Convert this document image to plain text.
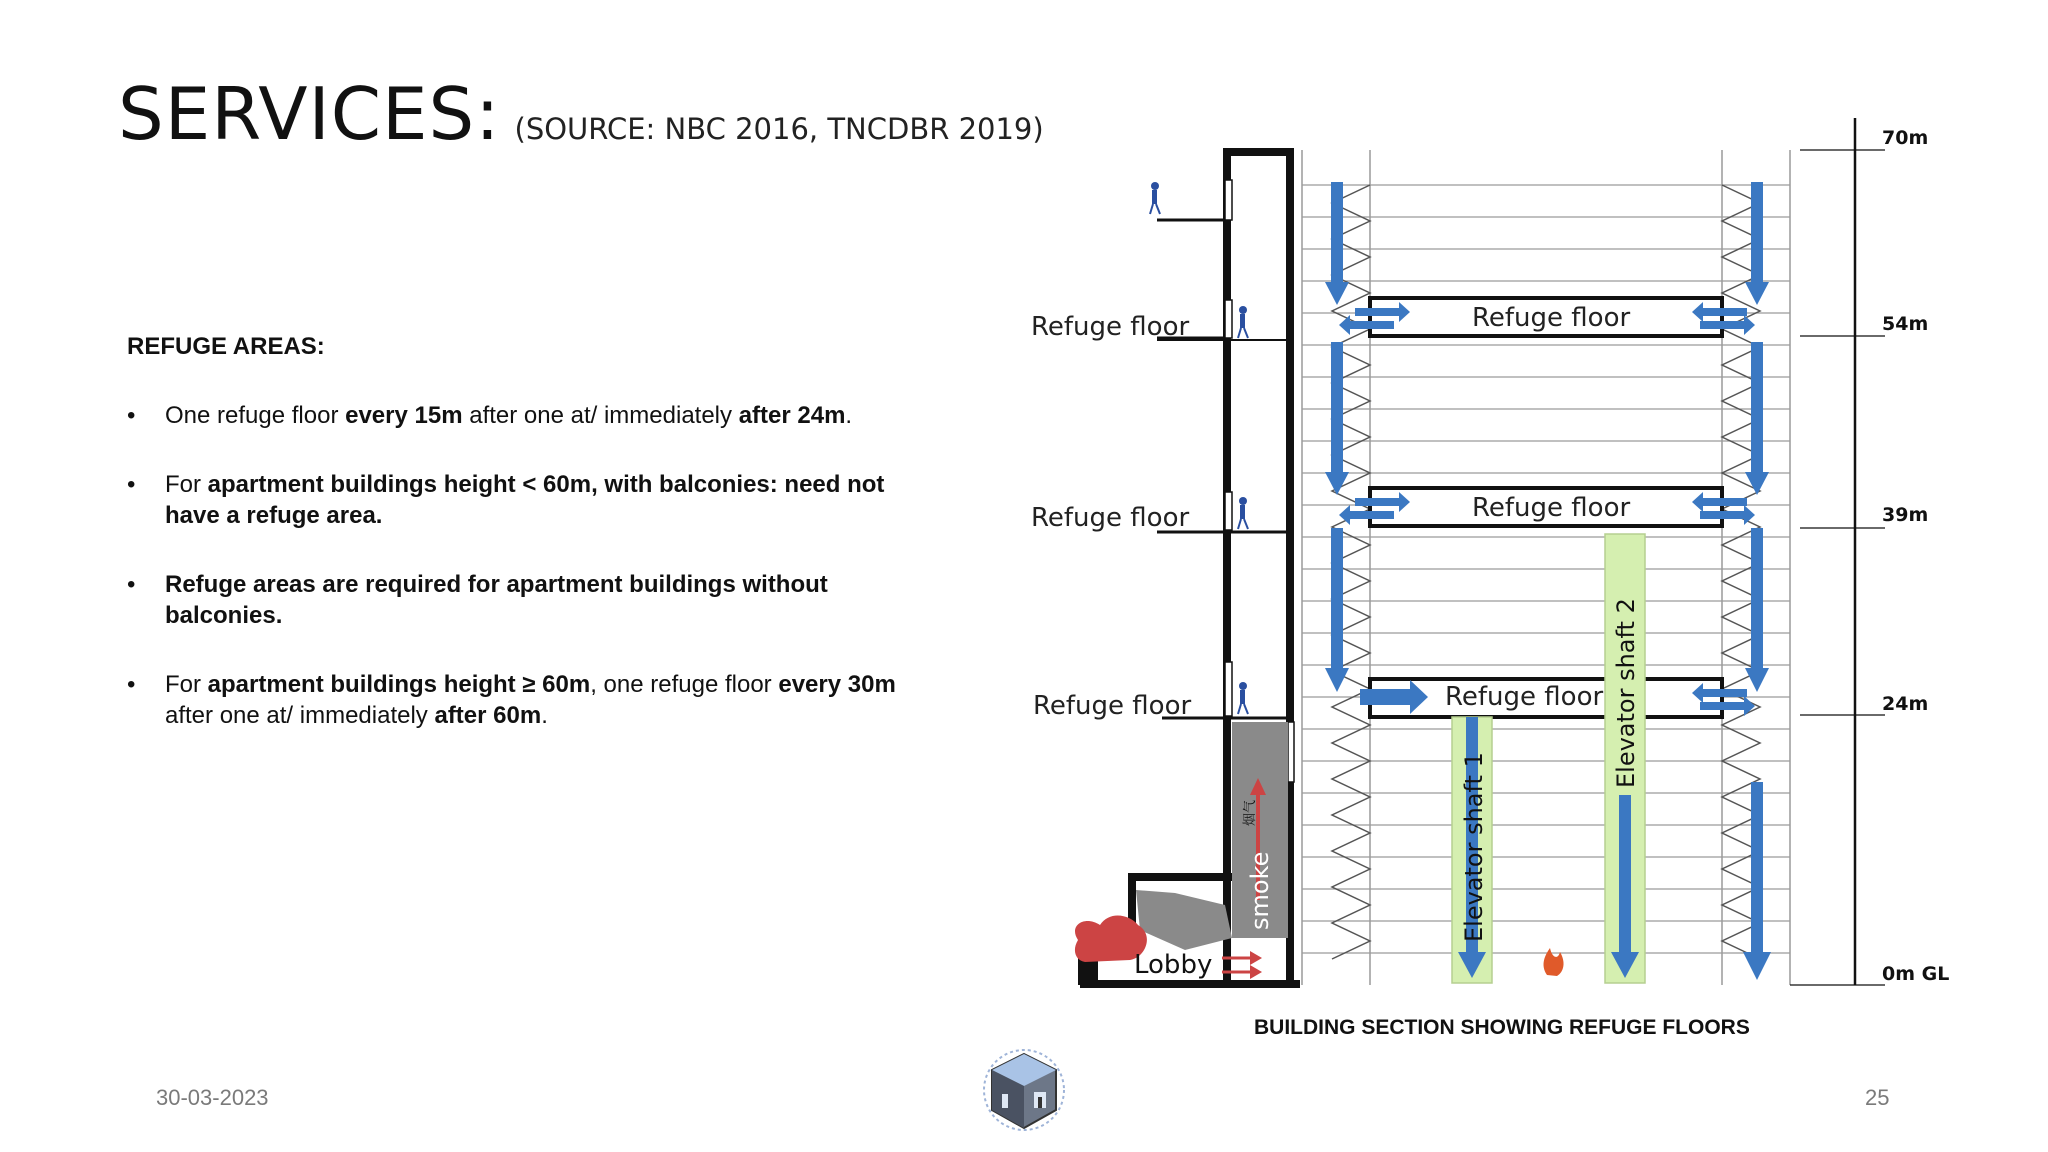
SERVICES: (SOURCE: NBC 2016, TNCDBR 2019)
REFUGE AREAS:
• One refuge floor every 15m after one at/ immediately after 24m.
• For apartment buildings height < 60m, with balconies: need not have a refuge area.
• Refuge areas are required for apartment buildings without balconies.
• For apartment buildings height ≥ 60m, one refuge floor every 30m after one at/ immediately after 60m.
Refuge floor
Refuge floor
Refuge floor
Refuge floor
Refuge floor
Refuge floor
70m
54m
39m
24m
0m GL
Elevator shaft 1
Elevator shaft 2
smoke
烟气
Lobby
BUILDING SECTION SHOWING REFUGE FLOORS
30-03-2023	25
